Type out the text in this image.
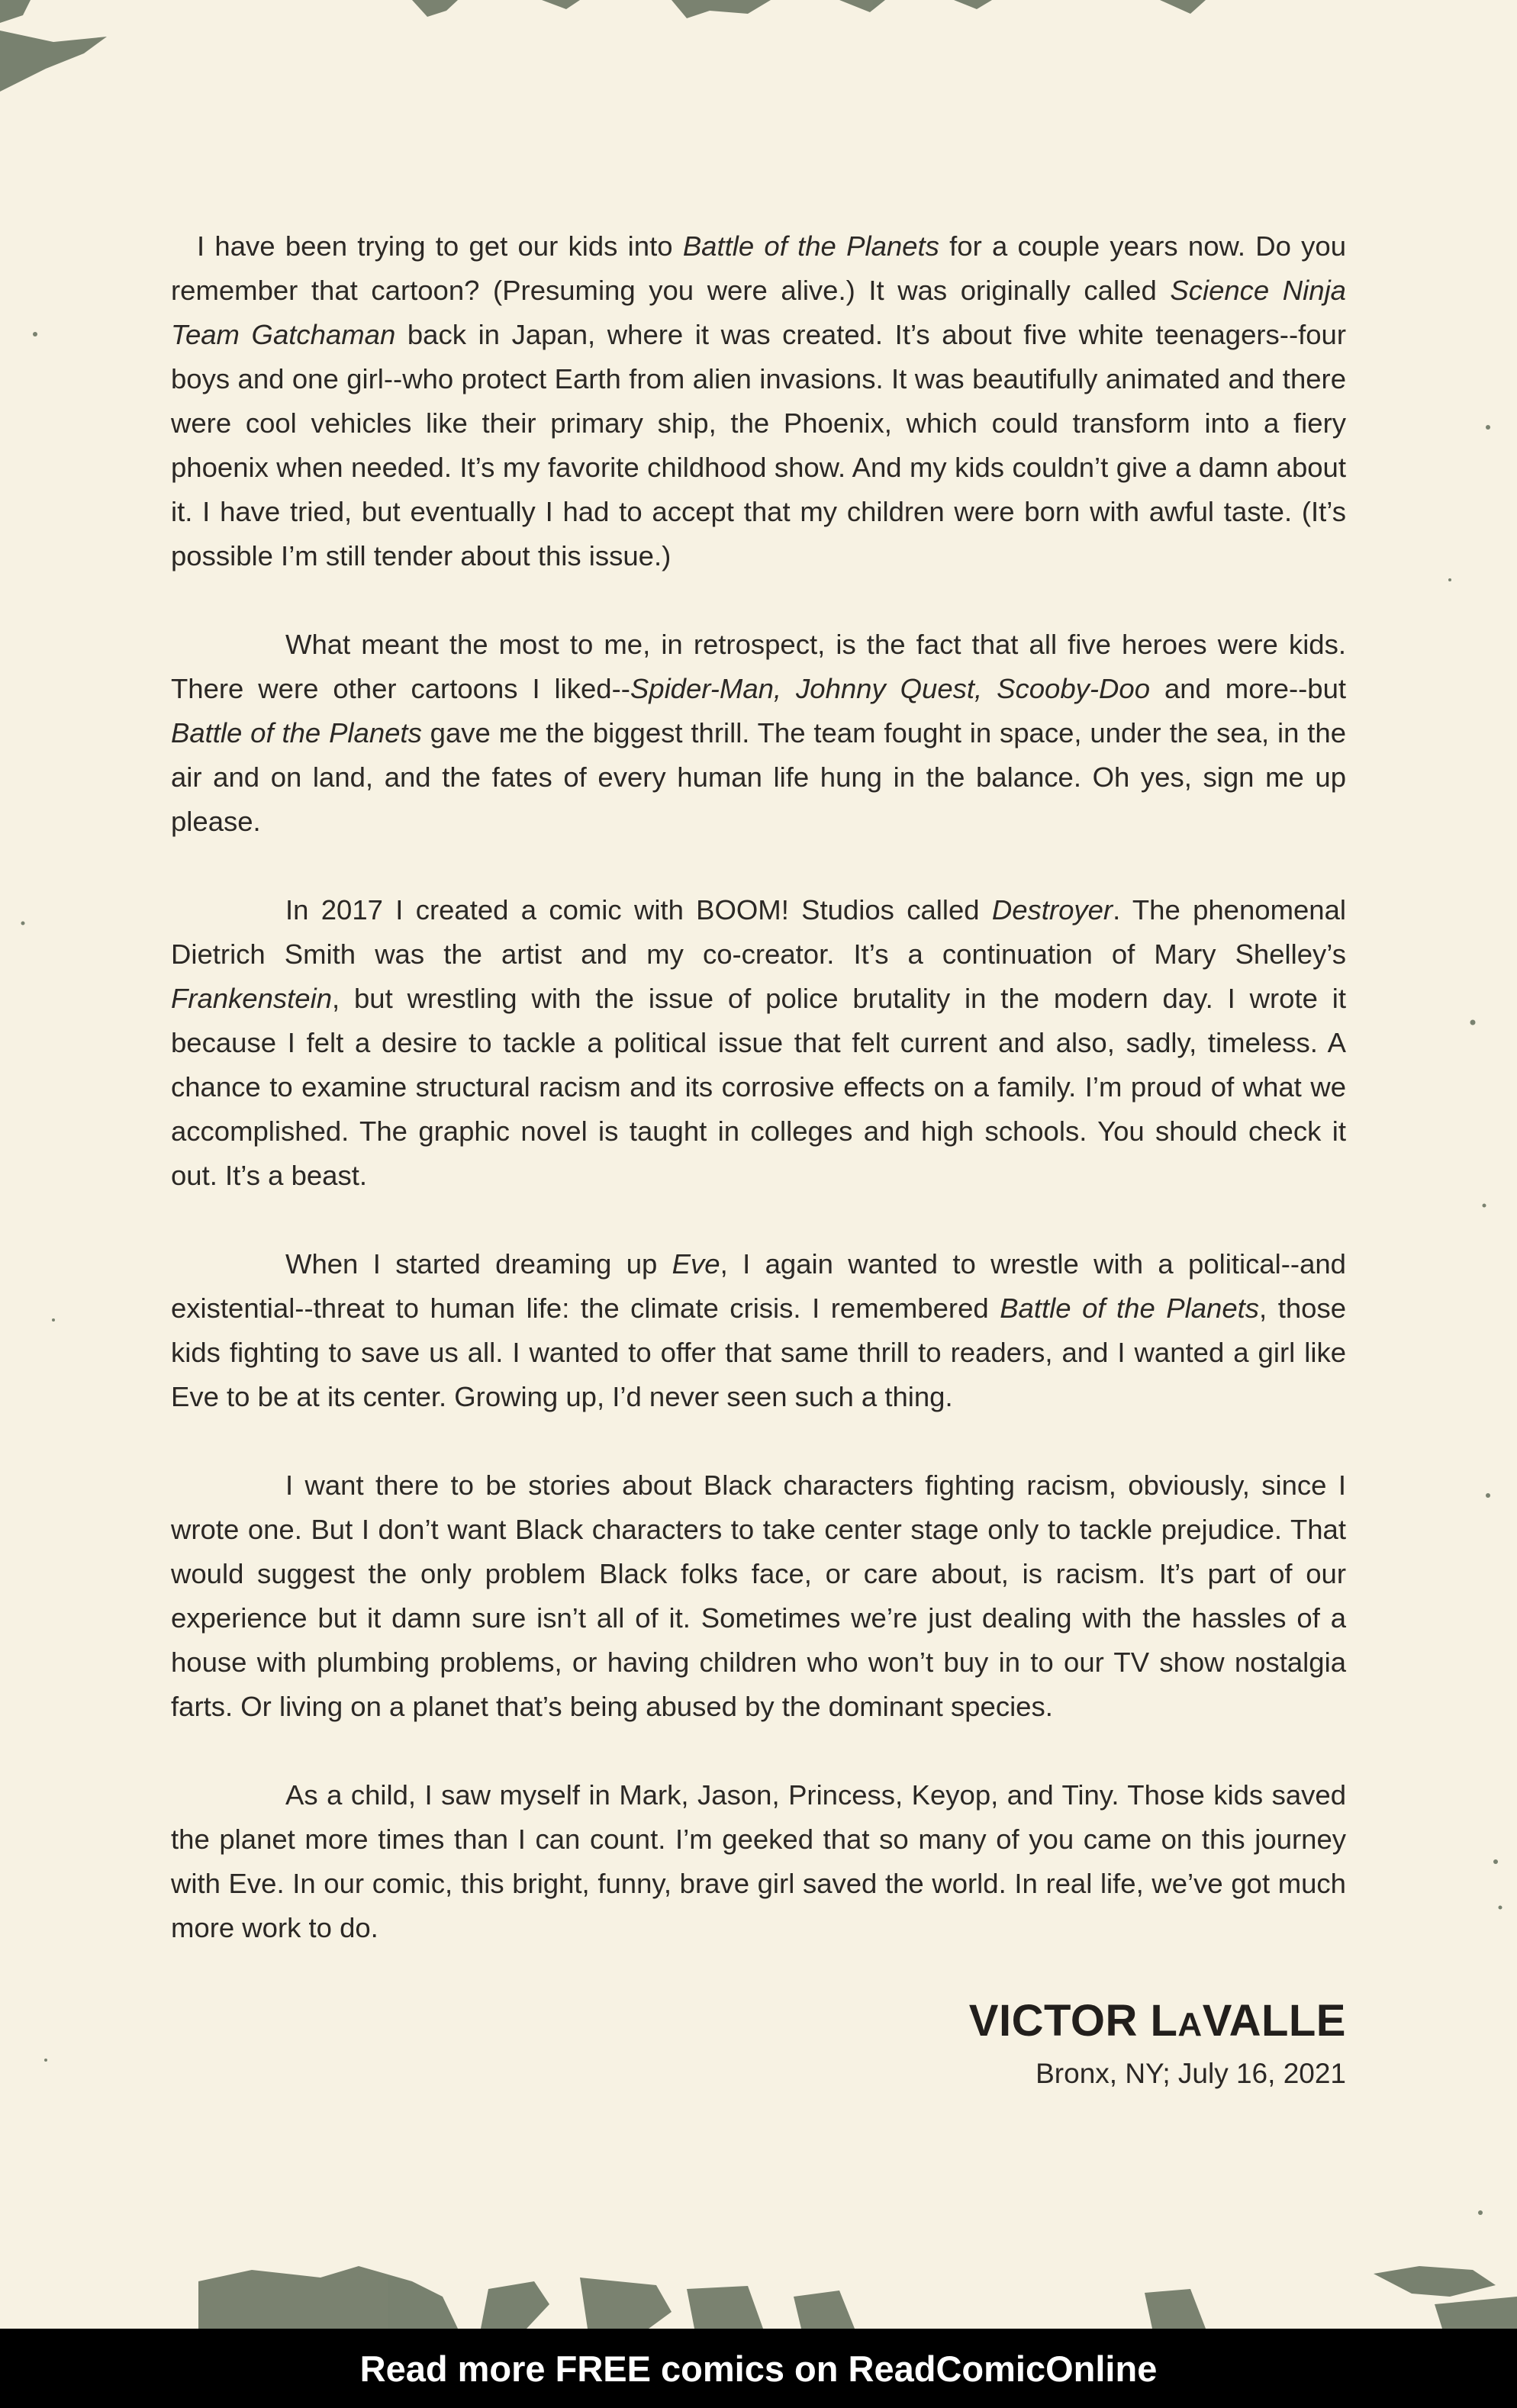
I have been trying to get our kids into Battle of the Planets for a couple years now. Do you remember that cartoon? (Presuming you were alive.) It was originally called Science Ninja Team Gatchaman back in Japan, where it was created. It’s about five white teenagers--four boys and one girl--who protect Earth from alien invasions. It was beautifully animated and there were cool vehicles like their primary ship, the Phoenix, which could transform into a fiery phoenix when needed. It’s my favorite childhood show. And my kids couldn’t give a damn about it. I have tried, but eventually I had to accept that my children were born with awful taste. (It’s possible I’m still tender about this issue.)

What meant the most to me, in retrospect, is the fact that all five heroes were kids. There were other cartoons I liked--Spider-Man, Johnny Quest, Scooby-Doo and more--but Battle of the Planets gave me the biggest thrill. The team fought in space, under the sea, in the air and on land, and the fates of every human life hung in the balance. Oh yes, sign me up please.

In 2017 I created a comic with BOOM! Studios called Destroyer. The phenomenal Dietrich Smith was the artist and my co-creator. It’s a continuation of Mary Shelley’s Frankenstein, but wrestling with the issue of police brutality in the modern day. I wrote it because I felt a desire to tackle a political issue that felt current and also, sadly, timeless. A chance to examine structural racism and its corrosive effects on a family. I’m proud of what we accomplished. The graphic novel is taught in colleges and high schools. You should check it out. It’s a beast.

When I started dreaming up Eve, I again wanted to wrestle with a political--and existential--threat to human life: the climate crisis. I remembered Battle of the Planets, those kids fighting to save us all. I wanted to offer that same thrill to readers, and I wanted a girl like Eve to be at its center. Growing up, I’d never seen such a thing.

I want there to be stories about Black characters fighting racism, obviously, since I wrote one. But I don’t want Black characters to take center stage only to tackle prejudice. That would suggest the only problem Black folks face, or care about, is racism. It’s part of our experience but it damn sure isn’t all of it. Sometimes we’re just dealing with the hassles of a house with plumbing problems, or having children who won’t buy in to our TV show nostalgia farts. Or living on a planet that’s being abused by the dominant species.

As a child, I saw myself in Mark, Jason, Princess, Keyop, and Tiny. Those kids saved the planet more times than I can count. I’m geeked that so many of you came on this journey with Eve. In our comic, this bright, funny, brave girl saved the world. In real life, we’ve got much more work to do.

VICTOR LAVALLE
Bronx, NY; July 16, 2021
Read more FREE comics on ReadComicOnline
